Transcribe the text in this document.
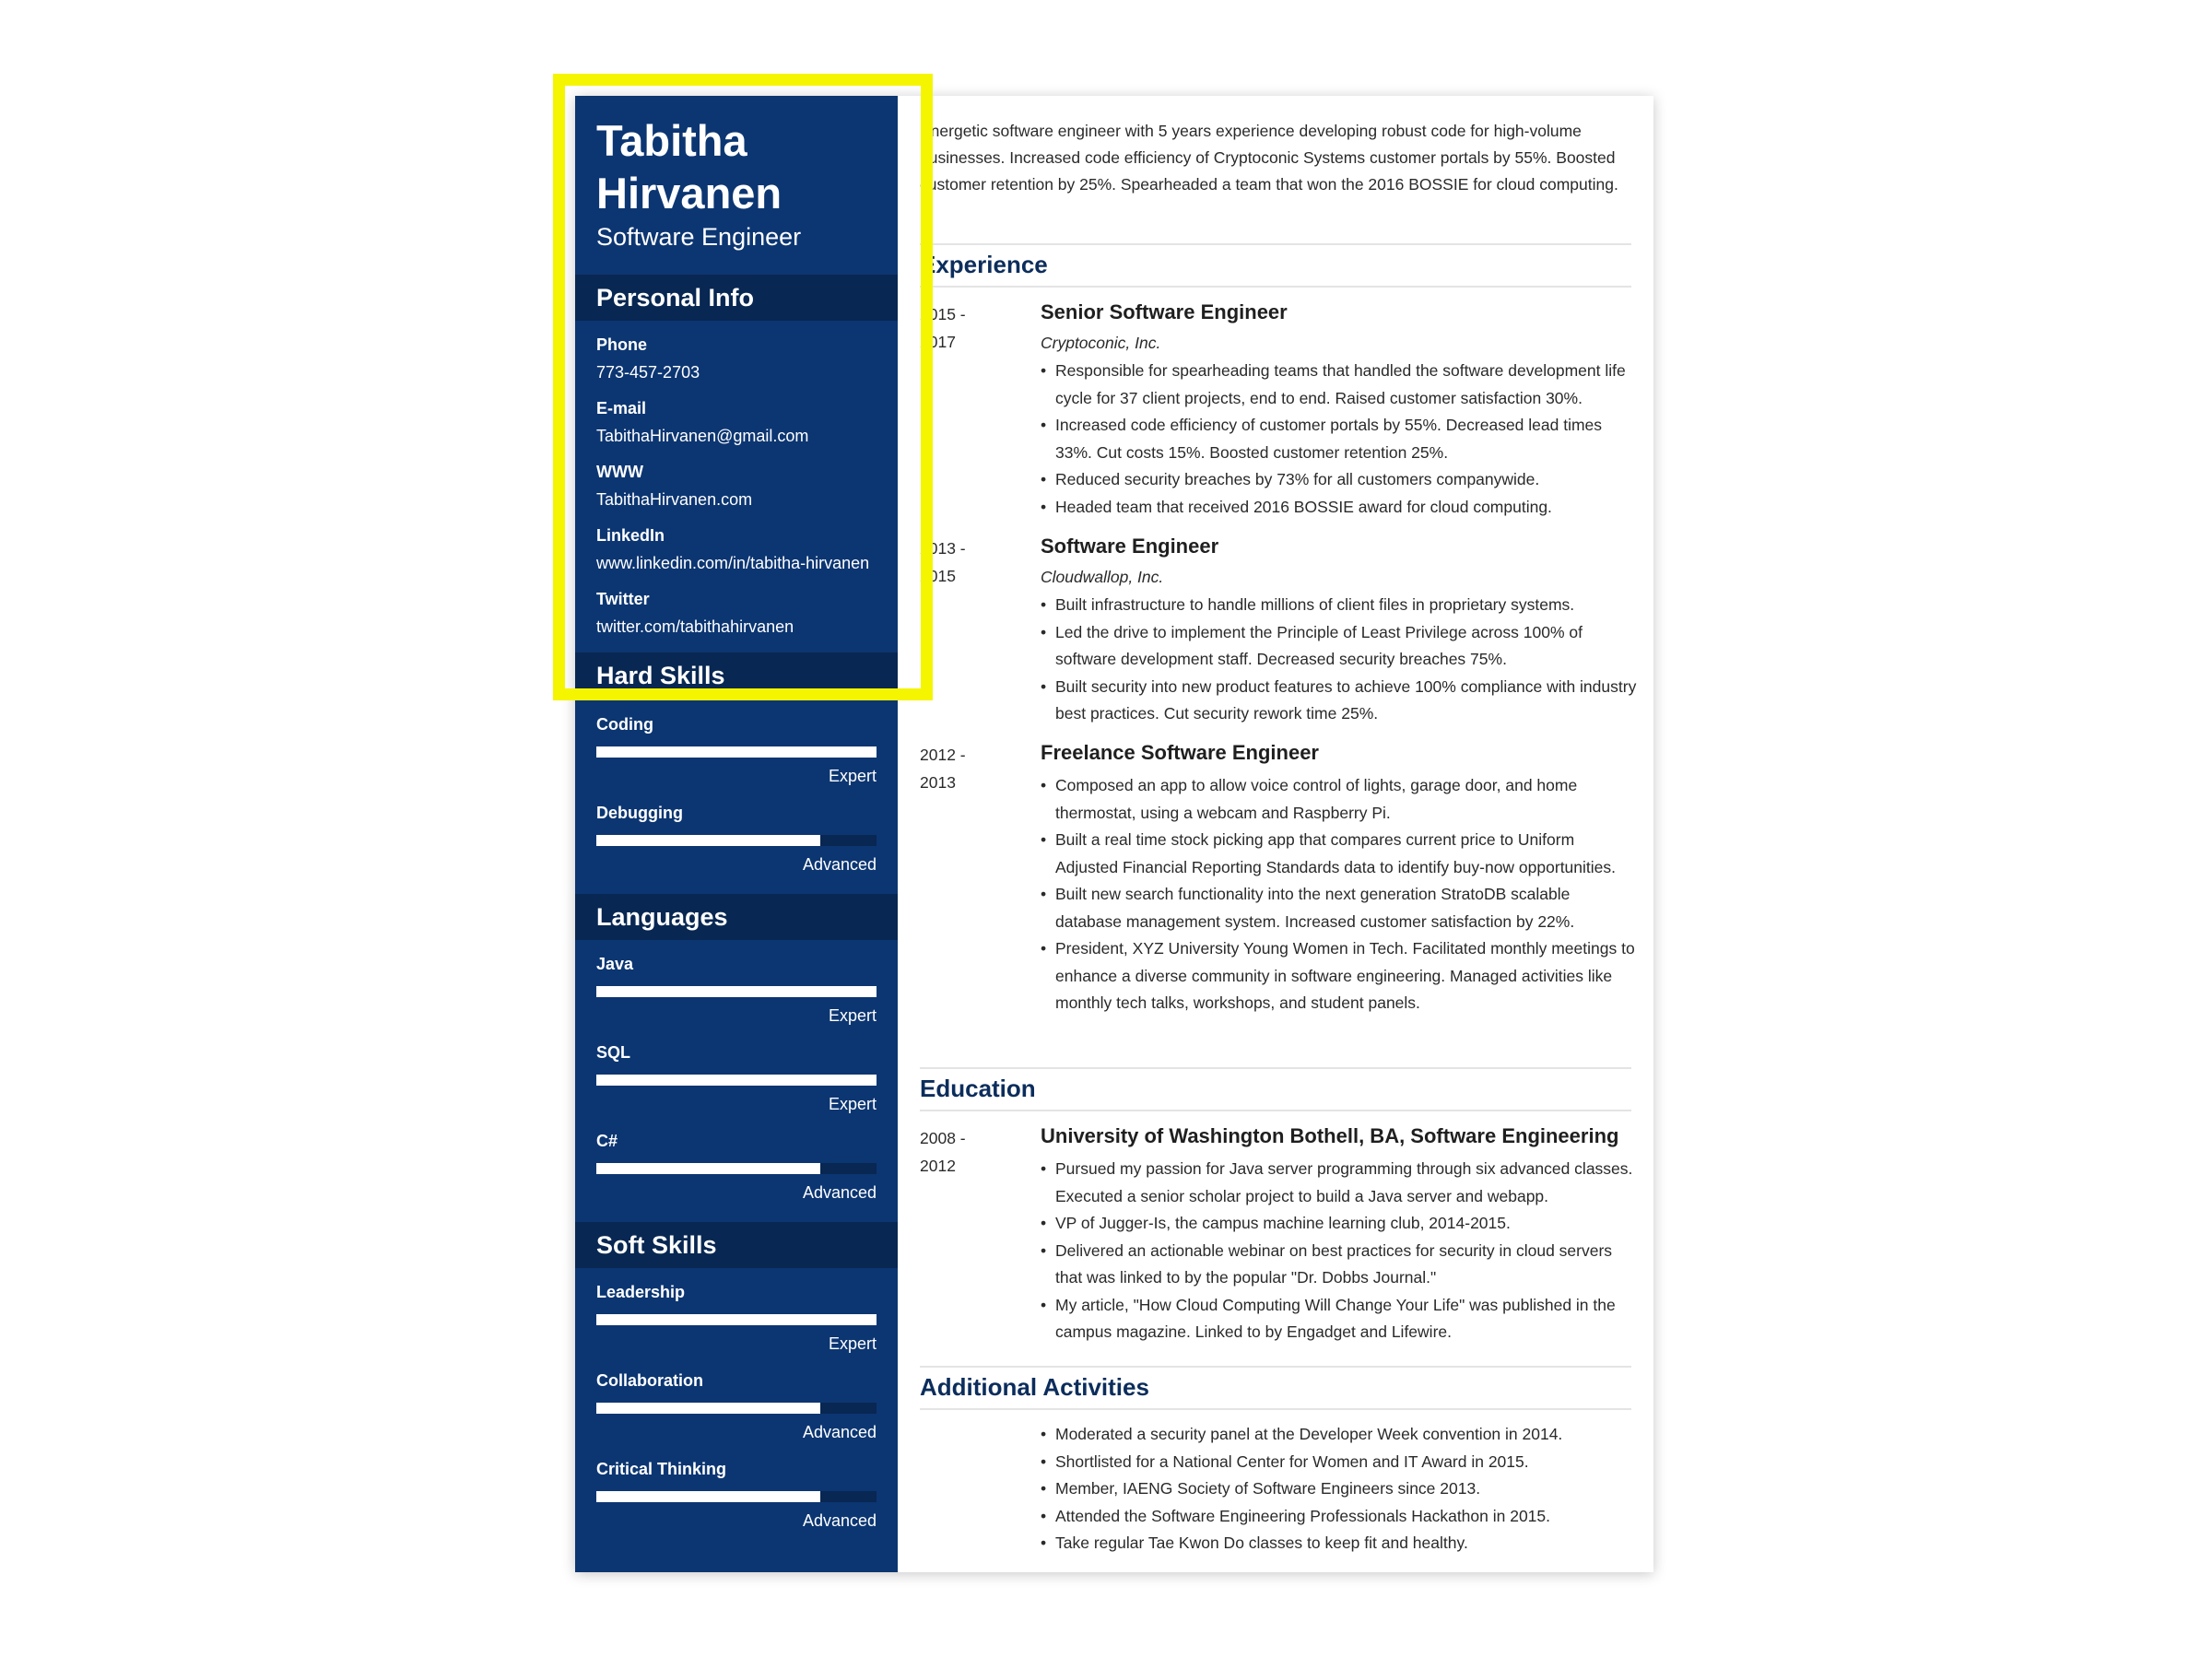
Tabitha Hirvanen
Software Engineer
Personal Info
Phone
773-457-2703
E-mail
TabithaHirvanen@gmail.com
WWW
TabithaHirvanen.com
LinkedIn
www.linkedin.com/in/tabitha-hirvanen
Twitter
twitter.com/tabithahirvanen
Hard Skills
Coding
Expert
Debugging
Advanced
Languages
Java
Expert
SQL
Expert
C#
Advanced
Soft Skills
Leadership
Expert
Collaboration
Advanced
Critical Thinking
Advanced
Energetic software engineer with 5 years experience developing robust code for high-volume businesses. Increased code efficiency of Cryptoconic Systems customer portals by 55%. Boosted customer retention by 25%. Spearheaded a team that won the 2016 BOSSIE for cloud computing.
Experience
2015 - 2017
Senior Software Engineer
Cryptoconic, Inc.
• Responsible for spearheading teams that handled the software development life cycle for 37 client projects, end to end. Raised customer satisfaction 30%.
• Increased code efficiency of customer portals by 55%. Decreased lead times 33%. Cut costs 15%. Boosted customer retention 25%.
• Reduced security breaches by 73% for all customers companywide.
• Headed team that received 2016 BOSSIE award for cloud computing.
2013 - 2015
Software Engineer
Cloudwallop, Inc.
• Built infrastructure to handle millions of client files in proprietary systems.
• Led the drive to implement the Principle of Least Privilege across 100% of software development staff. Decreased security breaches 75%.
• Built security into new product features to achieve 100% compliance with industry best practices. Cut security rework time 25%.
2012 - 2013
Freelance Software Engineer
• Composed an app to allow voice control of lights, garage door, and home thermostat, using a webcam and Raspberry Pi.
• Built a real time stock picking app that compares current price to Uniform Adjusted Financial Reporting Standards data to identify buy-now opportunities.
• Built new search functionality into the next generation StratoDB scalable database management system. Increased customer satisfaction by 22%.
• President, XYZ University Young Women in Tech. Facilitated monthly meetings to enhance a diverse community in software engineering. Managed activities like monthly tech talks, workshops, and student panels.
Education
2008 - 2012
University of Washington Bothell, BA, Software Engineering
• Pursued my passion for Java server programming through six advanced classes. Executed a senior scholar project to build a Java server and webapp.
• VP of Jugger-Is, the campus machine learning club, 2014-2015.
• Delivered an actionable webinar on best practices for security in cloud servers that was linked to by the popular "Dr. Dobbs Journal."
• My article, "How Cloud Computing Will Change Your Life" was published in the campus magazine. Linked to by Engadget and Lifewire.
Additional Activities
• Moderated a security panel at the Developer Week convention in 2014.
• Shortlisted for a National Center for Women and IT Award in 2015.
• Member, IAENG Society of Software Engineers since 2013.
• Attended the Software Engineering Professionals Hackathon in 2015.
• Take regular Tae Kwon Do classes to keep fit and healthy.
